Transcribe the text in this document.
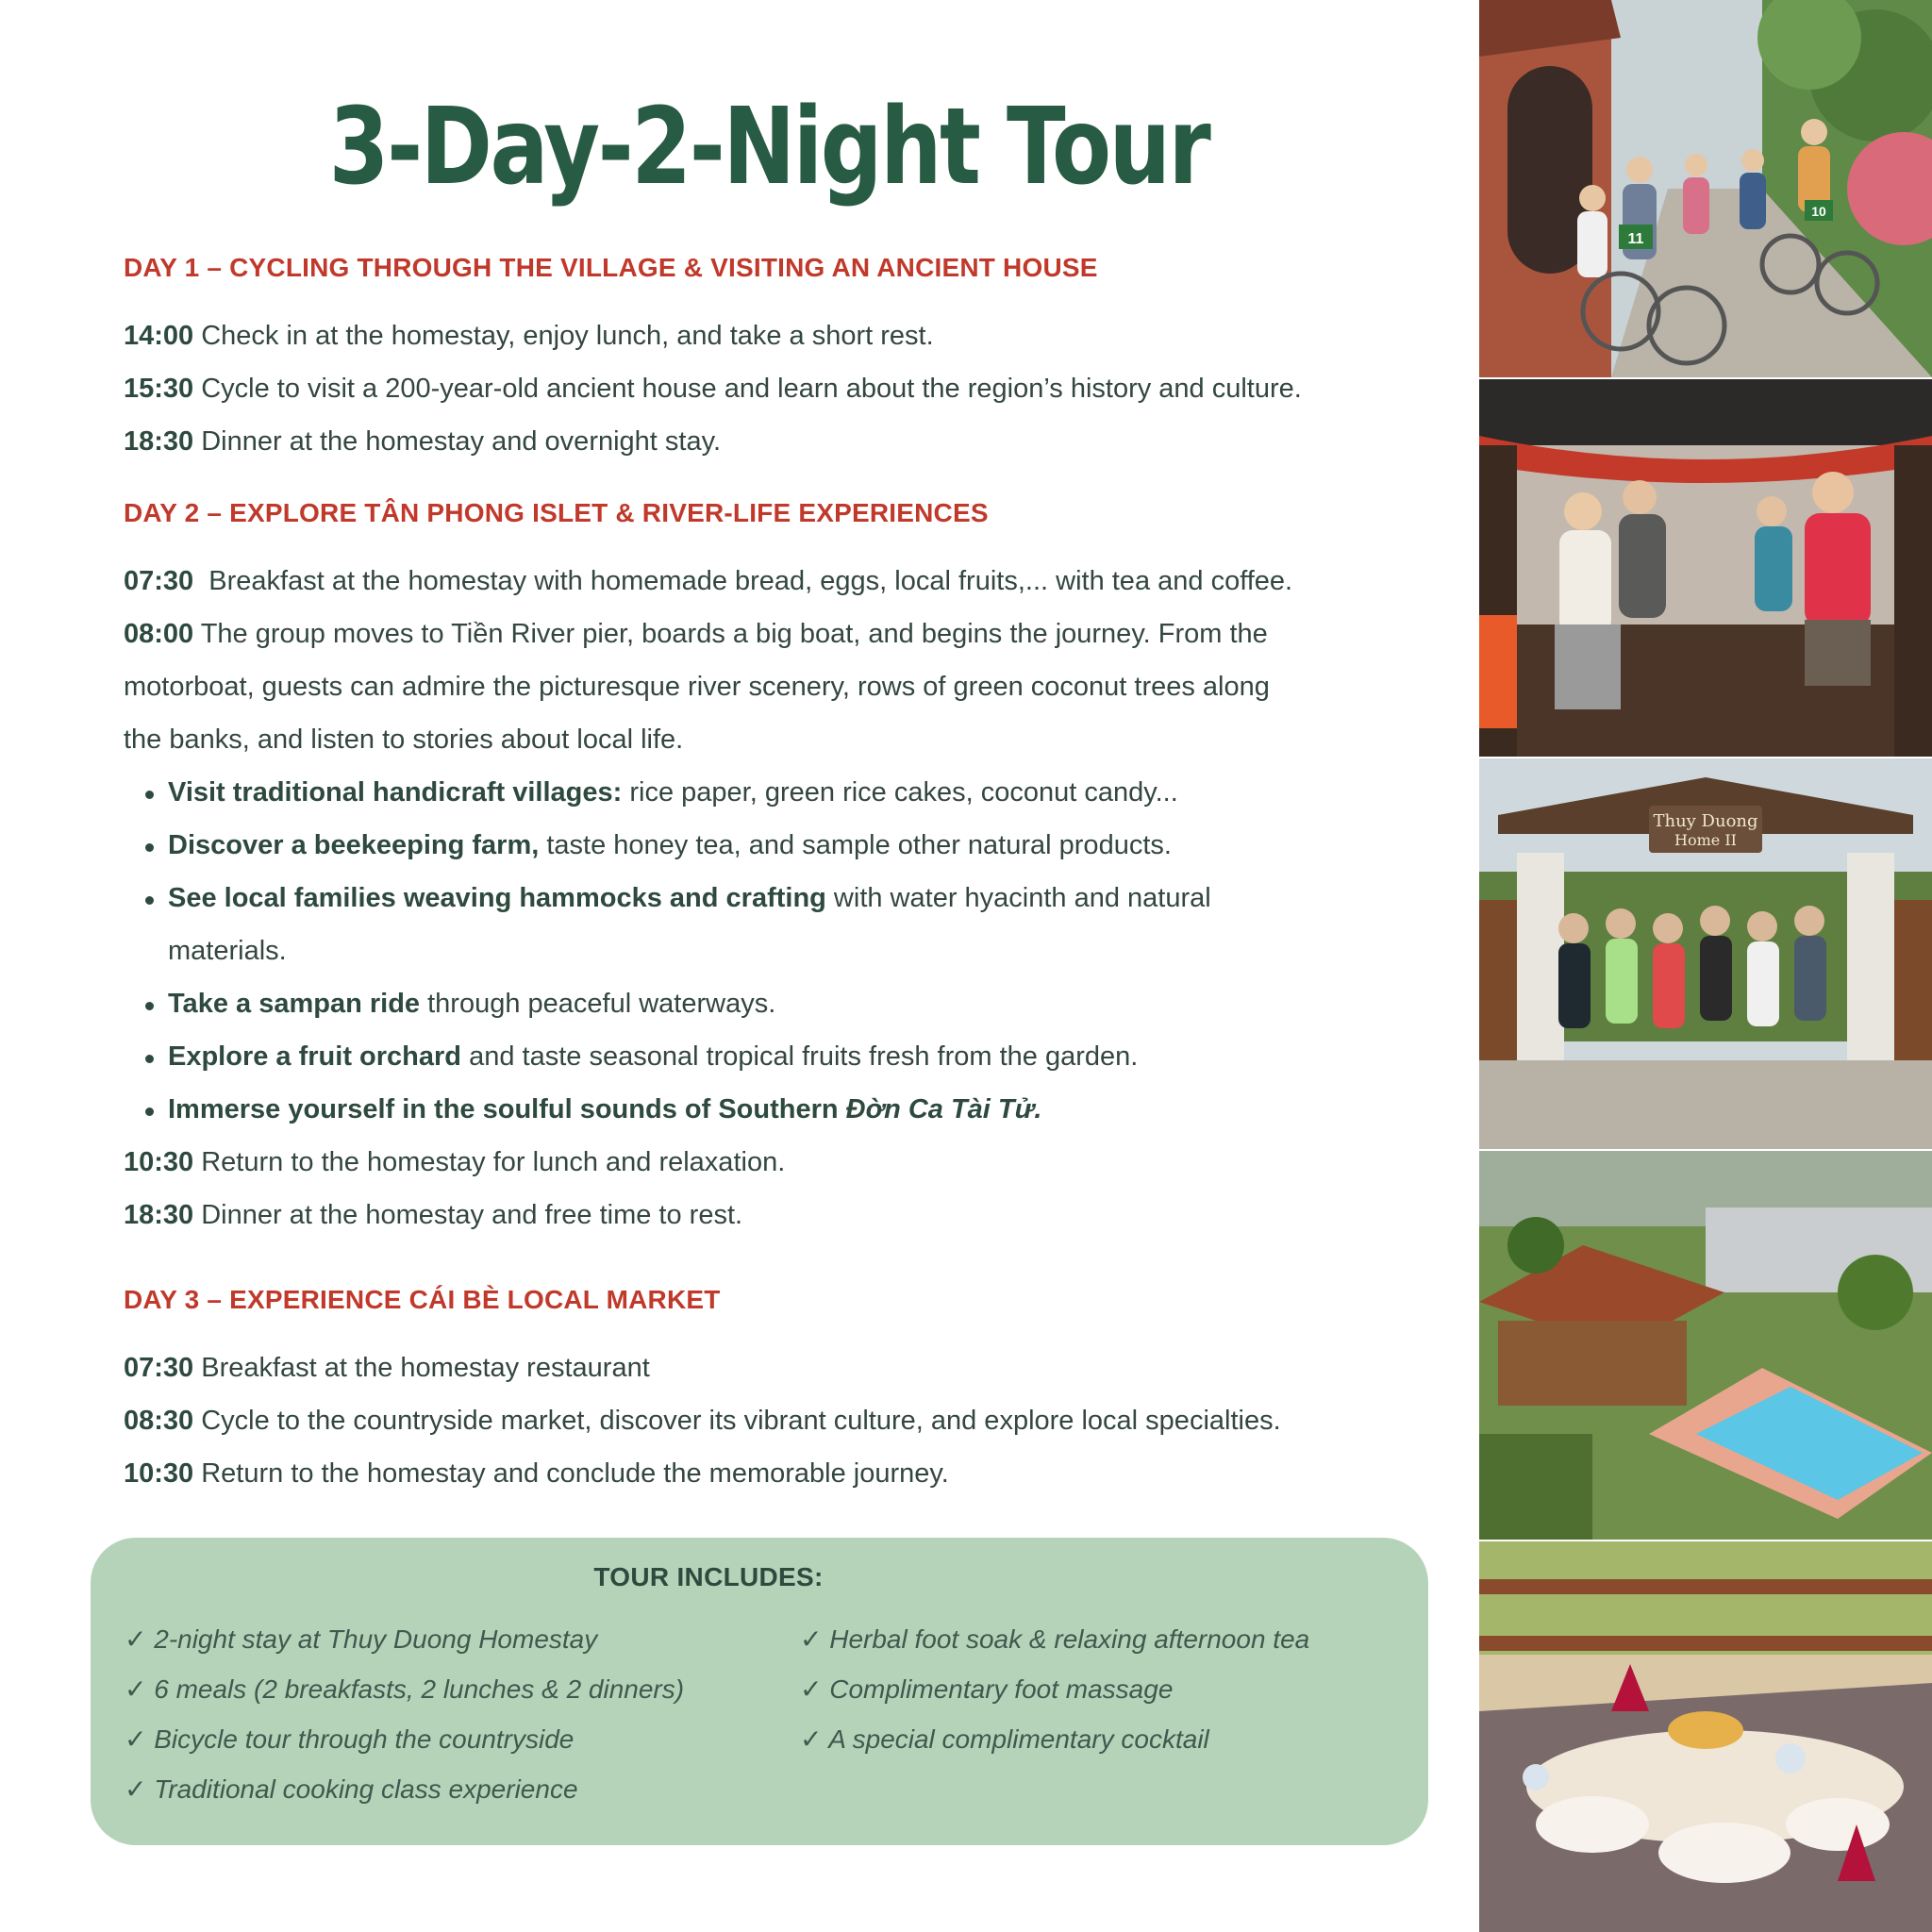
3-Day-2-Night Tour
DAY 1 – CYCLING THROUGH THE VILLAGE & VISITING AN ANCIENT HOUSE
14:00 Check in at the homestay, enjoy lunch, and take a short rest.
15:30 Cycle to visit a 200-year-old ancient house and learn about the region’s history and culture.
18:30 Dinner at the homestay and overnight stay.
DAY 2 – EXPLORE TÂN PHONG ISLET & RIVER-LIFE EXPERIENCES
07:30  Breakfast at the homestay with homemade bread, eggs, local fruits,... with tea and coffee.
08:00 The group moves to Tiền River pier, boards a big boat, and begins the journey. From the
motorboat, guests can admire the picturesque river scenery, rows of green coconut trees along
the banks, and listen to stories about local life.
Visit traditional handicraft villages: rice paper, green rice cakes, coconut candy...
Discover a beekeeping farm, taste honey tea, and sample other natural products.
See local families weaving hammocks and crafting with water hyacinth and natural
materials.
Take a sampan ride through peaceful waterways.
Explore a fruit orchard and taste seasonal tropical fruits fresh from the garden.
Immerse yourself in the soulful sounds of Southern Đờn Ca Tài Tử.
10:30 Return to the homestay for lunch and relaxation.
18:30 Dinner at the homestay and free time to rest.
DAY 3 – EXPERIENCE CÁI BÈ LOCAL MARKET
07:30 Breakfast at the homestay restaurant
08:30 Cycle to the countryside market, discover its vibrant culture, and explore local specialties.
10:30 Return to the homestay and conclude the memorable journey.
TOUR INCLUDES:
✓ 2-night stay at Thuy Duong Homestay
✓ 6 meals (2 breakfasts, 2 lunches & 2 dinners)
✓ Bicycle tour through the countryside
✓ Traditional cooking class experience
✓ Herbal foot soak & relaxing afternoon tea
✓ Complimentary foot massage
✓ A special complimentary cocktail
11
10
Thuy Duong
Home II
